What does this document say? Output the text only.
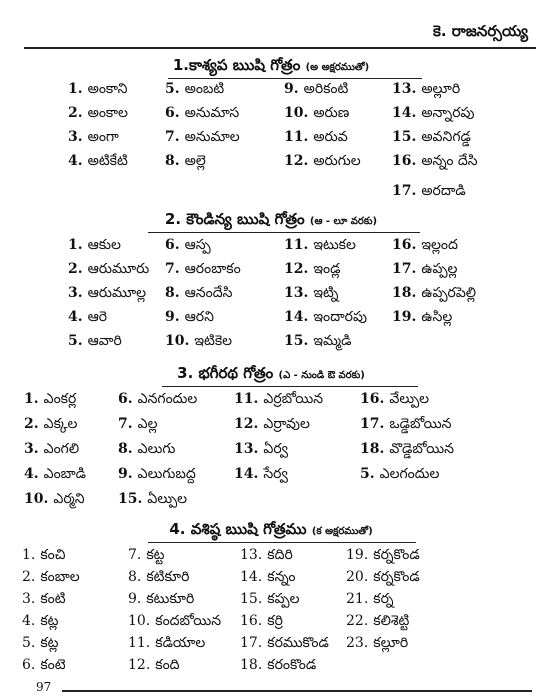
కె. రాజనర్సయ్య
1.కాశ్యప ఋషి గోత్రం (అ అక్షరముతో)
1. అంకాని	5. అంబటి	9. అరికంటి	13. అల్లూరి
2. అంకాల	6. అనుమాస	10. అరుణ	14. అన్నారపు
3. అంగా	7. అనుమాల	11. అరువ	15. అవనిగడ్డ
4. అటికేటి	8. అల్లె	12. అరుగుల 16. అన్నం దేసి
17. అరదాడి
2. కౌండిన్య ఋషి గోత్రం (ఆ - లూ వరకు)
1. ఆకుల	6. ఆస్ప	11. ఇటుకల	16. ఇల్లంద
2. ఆరుమూరు 7. ఆరంబాకం	12. ఇండ్ల	17. ఉప్పల్ల
3. ఆరుమూల్ల 8. ఆనందేసి	13. ఇట్ని	18. ఉప్పరపెల్లి
4. ఆరె	9. ఆరని	14. ఇందారపు 19. ఉసిల్ల
5. ఆవారి	10. ఇటికెల	15. ఇమ్మడి
3. భగీరథ గోత్రం (ఎ - నుండి ఔ వరకు)
1. ఎంకర్ల	6. ఎనగందుల	11. ఎర్రబోయిన	16. వేల్పుల
2. ఎక్కల	7. ఎల్ల	12. ఎర్రావుల	17. ఒడ్డెబోయిన
3. ఎంగలి	8. ఎలుగు	13. ఏర్వ	18. వొడ్డెబోయిన
4. ఎంబాడి 9. ఎలుగుబద్ద	14. సేర్వ	5. ఎలగందుల
10. ఎర్మని 15. ఏల్పుల
4. వశిష్ఠ ఋషి గోత్రము (క అక్షరముతో)
1. కంచి	7. కట్ట	13. కదిరి	19. కర్నకొండ
2. కంబాల	8. కటికూరి	14. కన్నం	20. కర్నకొండ
3. కంటి	9. కటుకూరి	15. కప్పల	21. కర్న
4. కట్ల	10. కందబోయిన 16. కర్రి	22. కలిశెట్టి
5. కట్ల	11. కడియాల 17. కరముకొండ 23. కల్లూరి
6. కంటె	12. కంది	18. కరంకొండ
97
